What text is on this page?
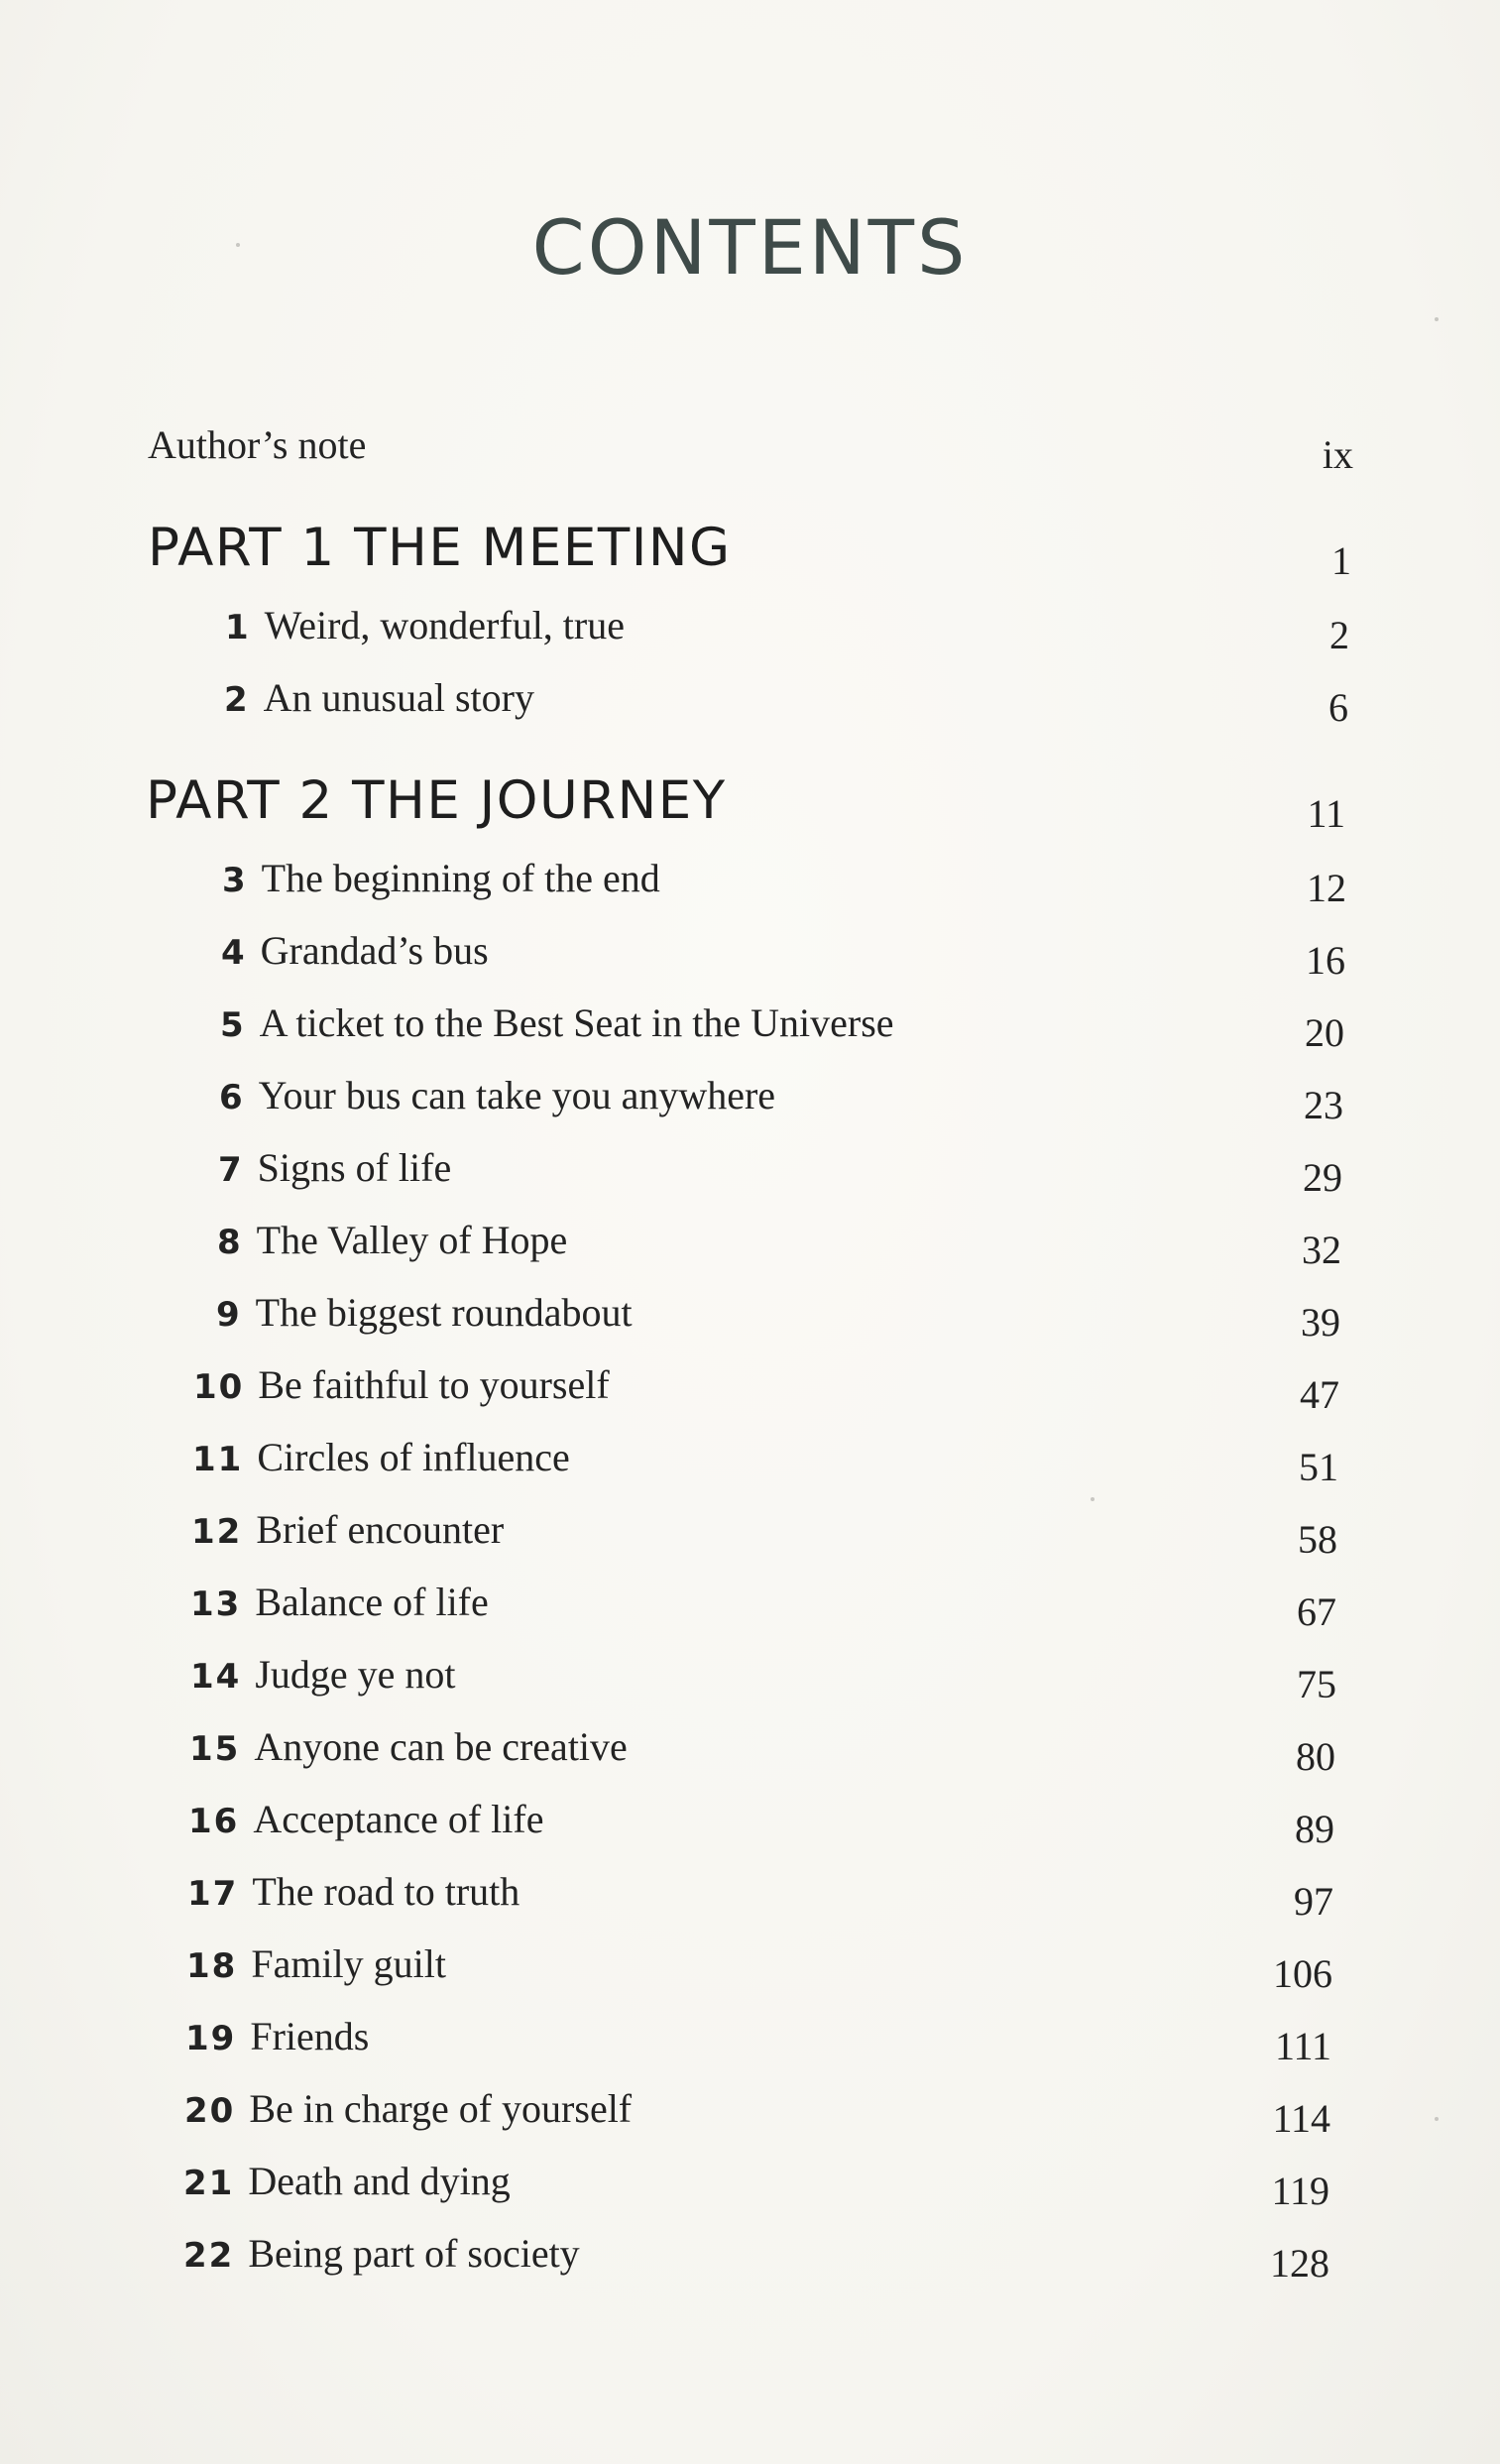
CONTENTS
Author’s note	ix
PART 1 THE MEETING	1
1 Weird, wonderful, true	2
2 An unusual story	6
PART 2 THE JOURNEY	11
3 The beginning of the end	12
4 Grandad’s bus	16
5 A ticket to the Best Seat in the Universe	20
6 Your bus can take you anywhere	23
7 Signs of life	29
8 The Valley of Hope	32
9 The biggest roundabout	39
10 Be faithful to yourself	47
11 Circles of influence	51
12 Brief encounter	58
13 Balance of life	67
14 Judge ye not	75
15 Anyone can be creative	80
16 Acceptance of life	89
17 The road to truth	97
18 Family guilt	106
19 Friends	111
20 Be in charge of yourself	114
21 Death and dying	119
22 Being part of society	128
